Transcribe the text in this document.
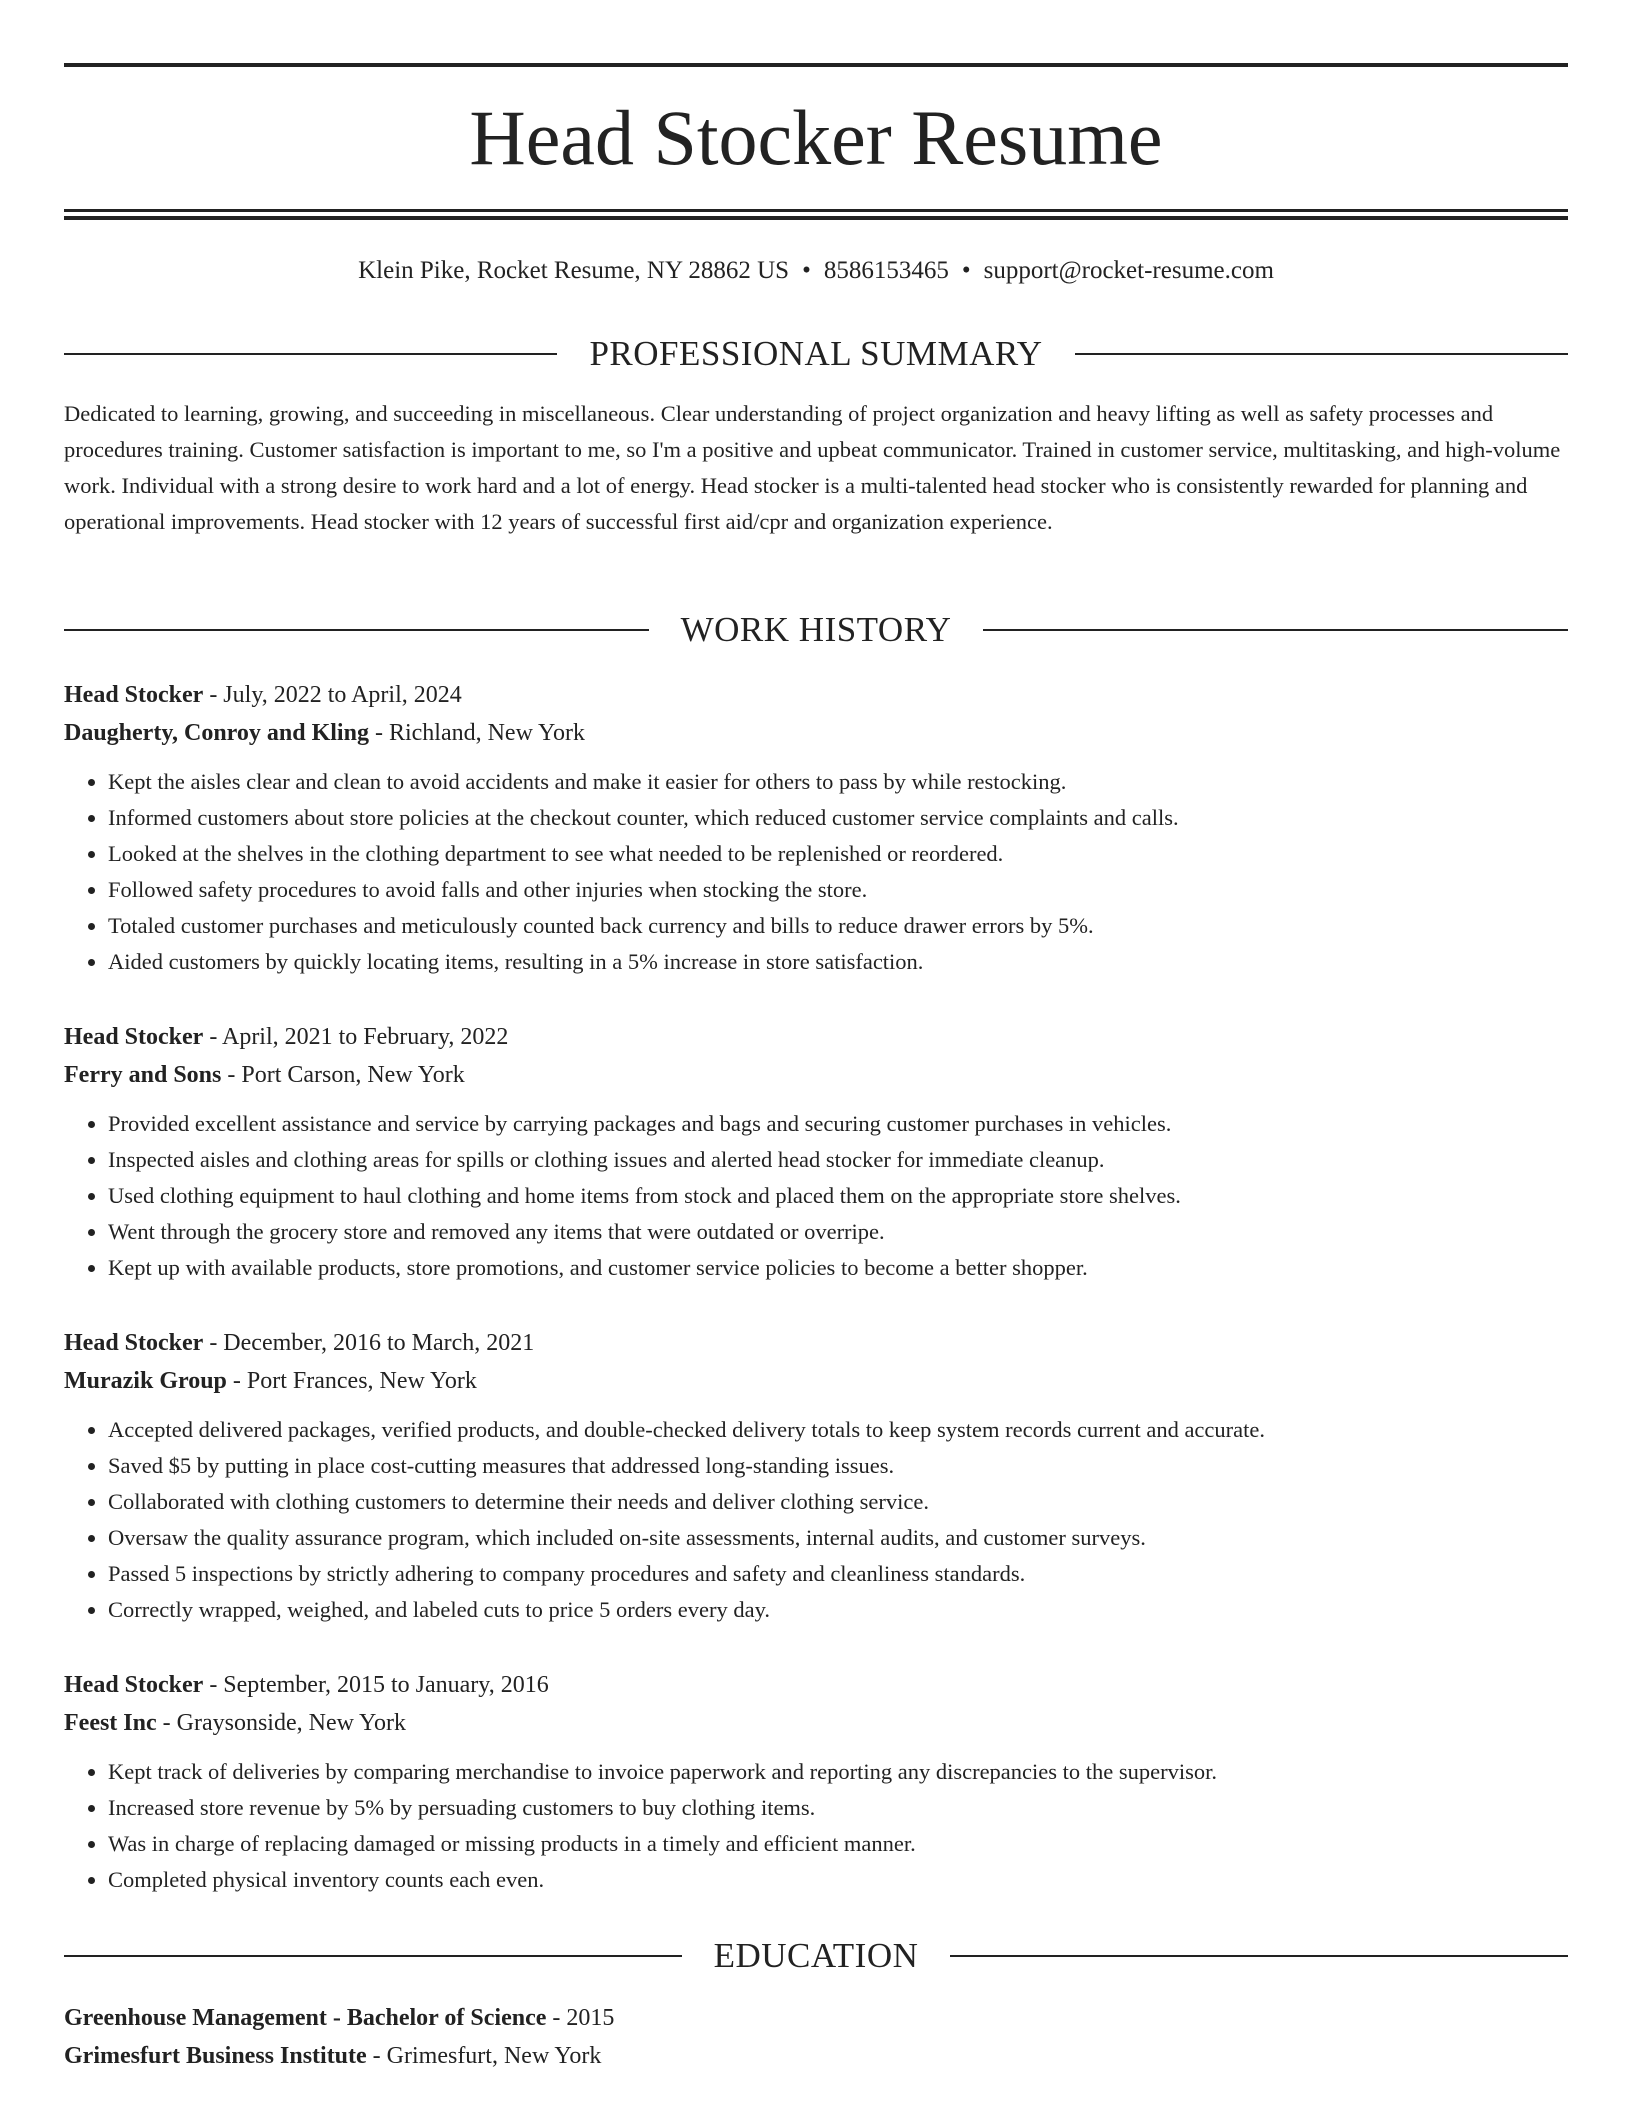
Head Stocker Resume
Klein Pike, Rocket Resume, NY 28862 US • 8586153465 • support@rocket-resume.com
PROFESSIONAL SUMMARY

Dedicated to learning, growing, and succeeding in miscellaneous. Clear understanding of project organization and heavy lifting as well as safety processes and procedures training. Customer satisfaction is important to me, so I'm a positive and upbeat communicator. Trained in customer service, multitasking, and high-volume work. Individual with a strong desire to work hard and a lot of energy. Head stocker is a multi-talented head stocker who is consistently rewarded for planning and operational improvements. Head stocker with 12 years of successful first aid/cpr and organization experience.

WORK HISTORY

Head Stocker - July, 2022 to April, 2024

Daugherty, Conroy and Kling - Richland, New York

• Kept the aisles clear and clean to avoid accidents and make it easier for others to pass by while restocking.
• Informed customers about store policies at the checkout counter, which reduced customer service complaints and calls.
• Looked at the shelves in the clothing department to see what needed to be replenished or reordered.
• Followed safety procedures to avoid falls and other injuries when stocking the store.
• Totaled customer purchases and meticulously counted back currency and bills to reduce drawer errors by 5%.
• Aided customers by quickly locating items, resulting in a 5% increase in store satisfaction.

Head Stocker - April, 2021 to February, 2022

Ferry and Sons - Port Carson, New York

• Provided excellent assistance and service by carrying packages and bags and securing customer purchases in vehicles.
• Inspected aisles and clothing areas for spills or clothing issues and alerted head stocker for immediate cleanup.
• Used clothing equipment to haul clothing and home items from stock and placed them on the appropriate store shelves.
• Went through the grocery store and removed any items that were outdated or overripe.
• Kept up with available products, store promotions, and customer service policies to become a better shopper.

Head Stocker - December, 2016 to March, 2021

Murazik Group - Port Frances, New York

• Accepted delivered packages, verified products, and double-checked delivery totals to keep system records current and accurate.
• Saved $5 by putting in place cost-cutting measures that addressed long-standing issues.
• Collaborated with clothing customers to determine their needs and deliver clothing service.
• Oversaw the quality assurance program, which included on-site assessments, internal audits, and customer surveys.
• Passed 5 inspections by strictly adhering to company procedures and safety and cleanliness standards.
• Correctly wrapped, weighed, and labeled cuts to price 5 orders every day.

Head Stocker - September, 2015 to January, 2016

Feest Inc - Graysonside, New York

• Kept track of deliveries by comparing merchandise to invoice paperwork and reporting any discrepancies to the supervisor.
• Increased store revenue by 5% by persuading customers to buy clothing items.
• Was in charge of replacing damaged or missing products in a timely and efficient manner.
• Completed physical inventory counts each even.
EDUCATION

Greenhouse Management - Bachelor of Science - 2015

Grimesfurt Business Institute - Grimesfurt, New York
